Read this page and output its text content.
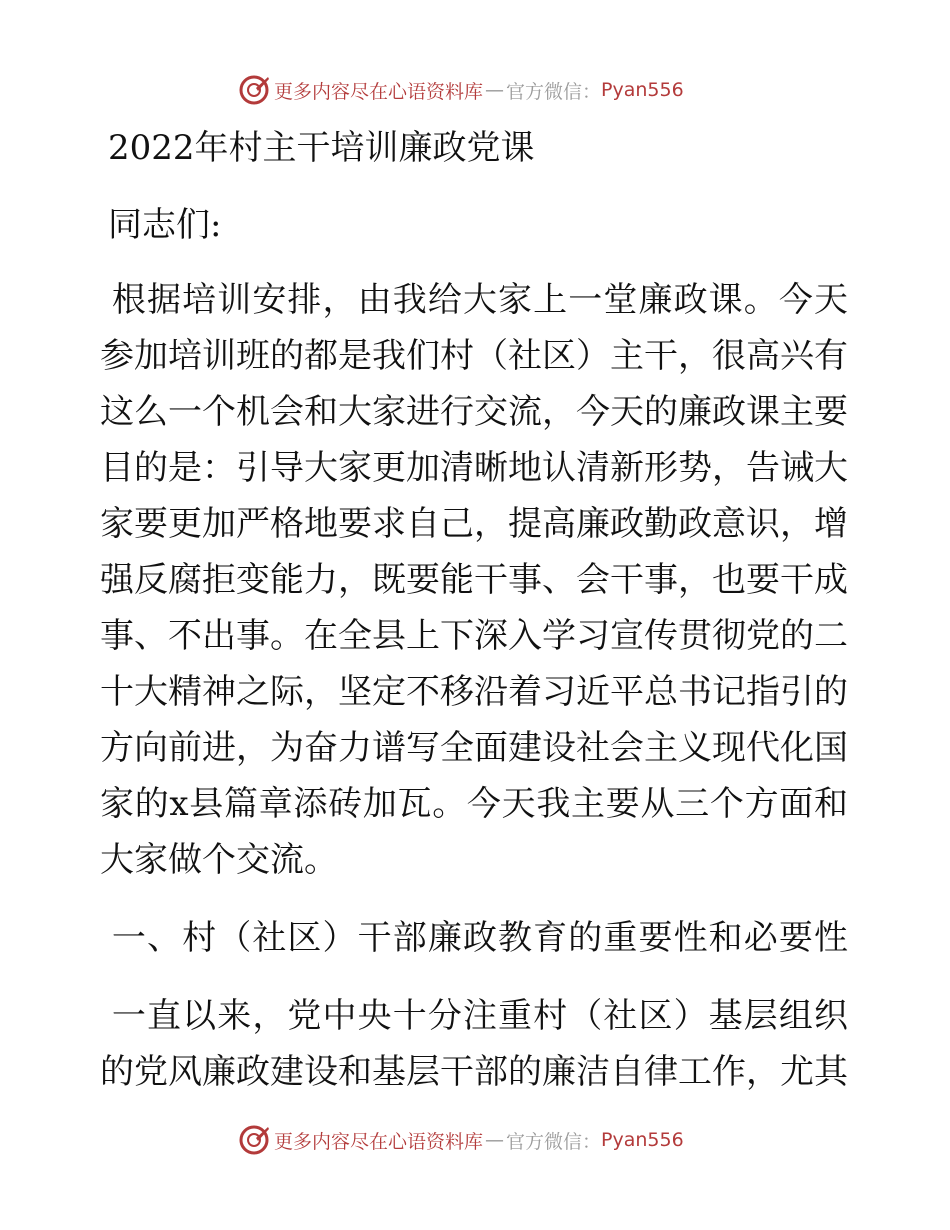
更多内容尽在心语资料库 — 官方微信： Pyan556
2022年村主干培训廉政党课
同志们:
根据培训安排，由我给大家上一堂廉政课。今天
参加培训班的都是我们村（社区）主干，很高兴有
这么一个机会和大家进行交流，今天的廉政课主要
目的是：引导大家更加清晰地认清新形势，告诫大
家要更加严格地要求自己，提高廉政勤政意识，增
强反腐拒变能力，既要能干事、会干事，也要干成
事、不出事。在全县上下深入学习宣传贯彻党的二
十大精神之际，坚定不移沿着习近平总书记指引的
方向前进，为奋力谱写全面建设社会主义现代化国
家的x县篇章添砖加瓦。今天我主要从三个方面和
大家做个交流。
一、村（社区）干部廉政教育的重要性和必要性
一直以来，党中央十分注重村（社区）基层组织
的党风廉政建设和基层干部的廉洁自律工作，尤其
更多内容尽在心语资料库 — 官方微信： Pyan556
